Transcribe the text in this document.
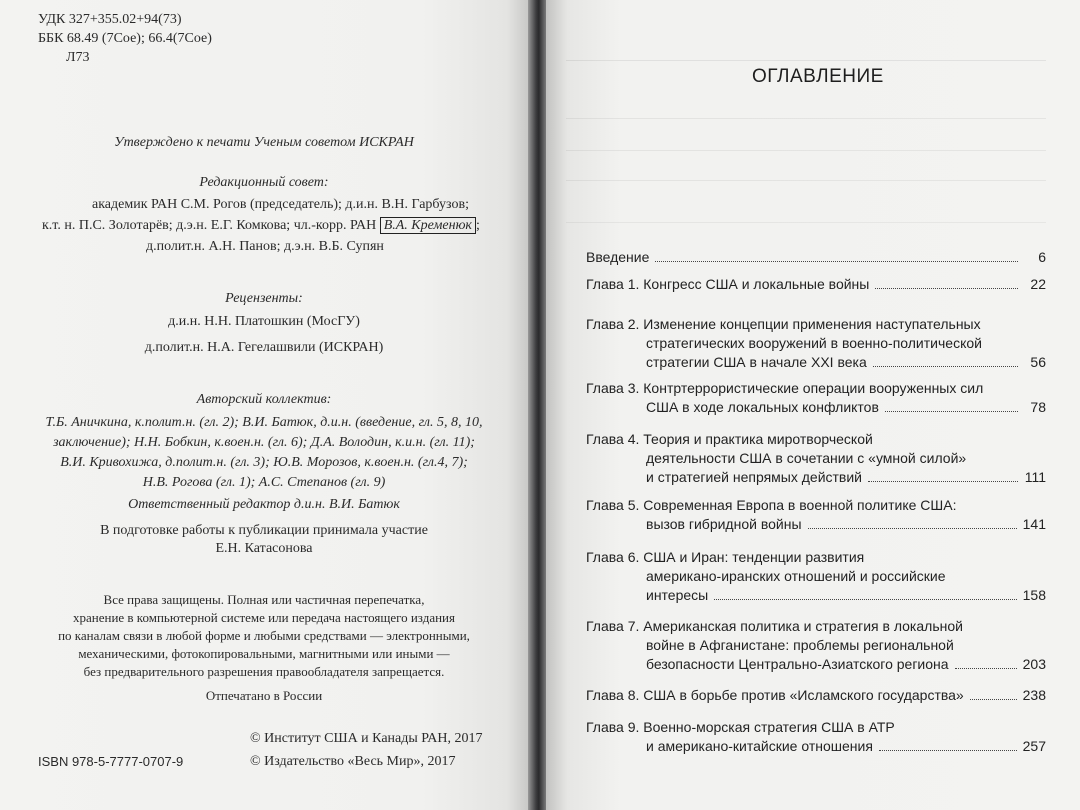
УДК 327+355.02+94(73)
ББК 68.49 (7Сое); 66.4(7Сое)
Л73
Утверждено к печати Ученым советом ИСКРАН
Редакционный совет:
академик РАН С.М. Рогов (председатель); д.и.н. В.Н. Гарбузов;
к.т. н. П.С. Золотарёв; д.э.н. Е.Г. Комкова; чл.-корр. РАН В.А. Кременюк ;
д.полит.н. А.Н. Панов; д.э.н. В.Б. Супян
Рецензенты:
д.и.н. Н.Н. Платошкин (МосГУ)
д.полит.н. Н.А. Гегелашвили (ИСКРАН)
Авторский коллектив:
Т.Б. Аничкина, к.полит.н. (гл. 2); В.И. Батюк, д.и.н. (введение, гл. 5, 8, 10,
заключение); Н.Н. Бобкин, к.воен.н. (гл. 6); Д.А. Володин, к.и.н. (гл. 11);
В.И. Кривохижа, д.полит.н. (гл. 3); Ю.В. Морозов, к.воен.н. (гл.4, 7);
Н.В. Рогова (гл. 1); А.С. Степанов (гл. 9)
Ответственный редактор д.и.н. В.И. Батюк
В подготовке работы к публикации принимала участие
Е.Н. Катасонова
Все права защищены. Полная или частичная перепечатка,
хранение в компьютерной системе или передача настоящего издания
по каналам связи в любой форме и любыми средствами — электронными,
механическими, фотокопировальными, магнитными или иными —
без предварительного разрешения правообладателя запрещается.
Отпечатано в России
© Институт США и Канады РАН, 2017
© Издательство «Весь Мир», 2017
ISBN 978-5-7777-0707-9
ОГЛАВЛЕНИЕ
Введение	6
Глава 1.
Конгресс США и локальные войны	22
Глава 2.
Изменение концепции применения наступательных
стратегических вооружений в военно-политической
стратегии США в начале XXI века	56
Глава 3.
Контртеррористические операции вооруженных сил
США в ходе локальных конфликтов	78
Глава 4.
Теория и практика миротворческой
деятельности США в сочетании с «умной силой»
и стратегией непрямых действий	111
Глава 5.
Современная Европа в военной политике США:
вызов гибридной войны	141
Глава 6.
США и Иран: тенденции развития
американо-иранских отношений и российские
интересы	158
Глава 7.
Американская политика и стратегия в локальной
войне в Афганистане: проблемы региональной
безопасности Центрально-Азиатского региона	203
Глава 8.
США в борьбе против «Исламского государства»	238
Глава 9.
Военно-морская стратегия США в АТР
и американо-китайские отношения	257
